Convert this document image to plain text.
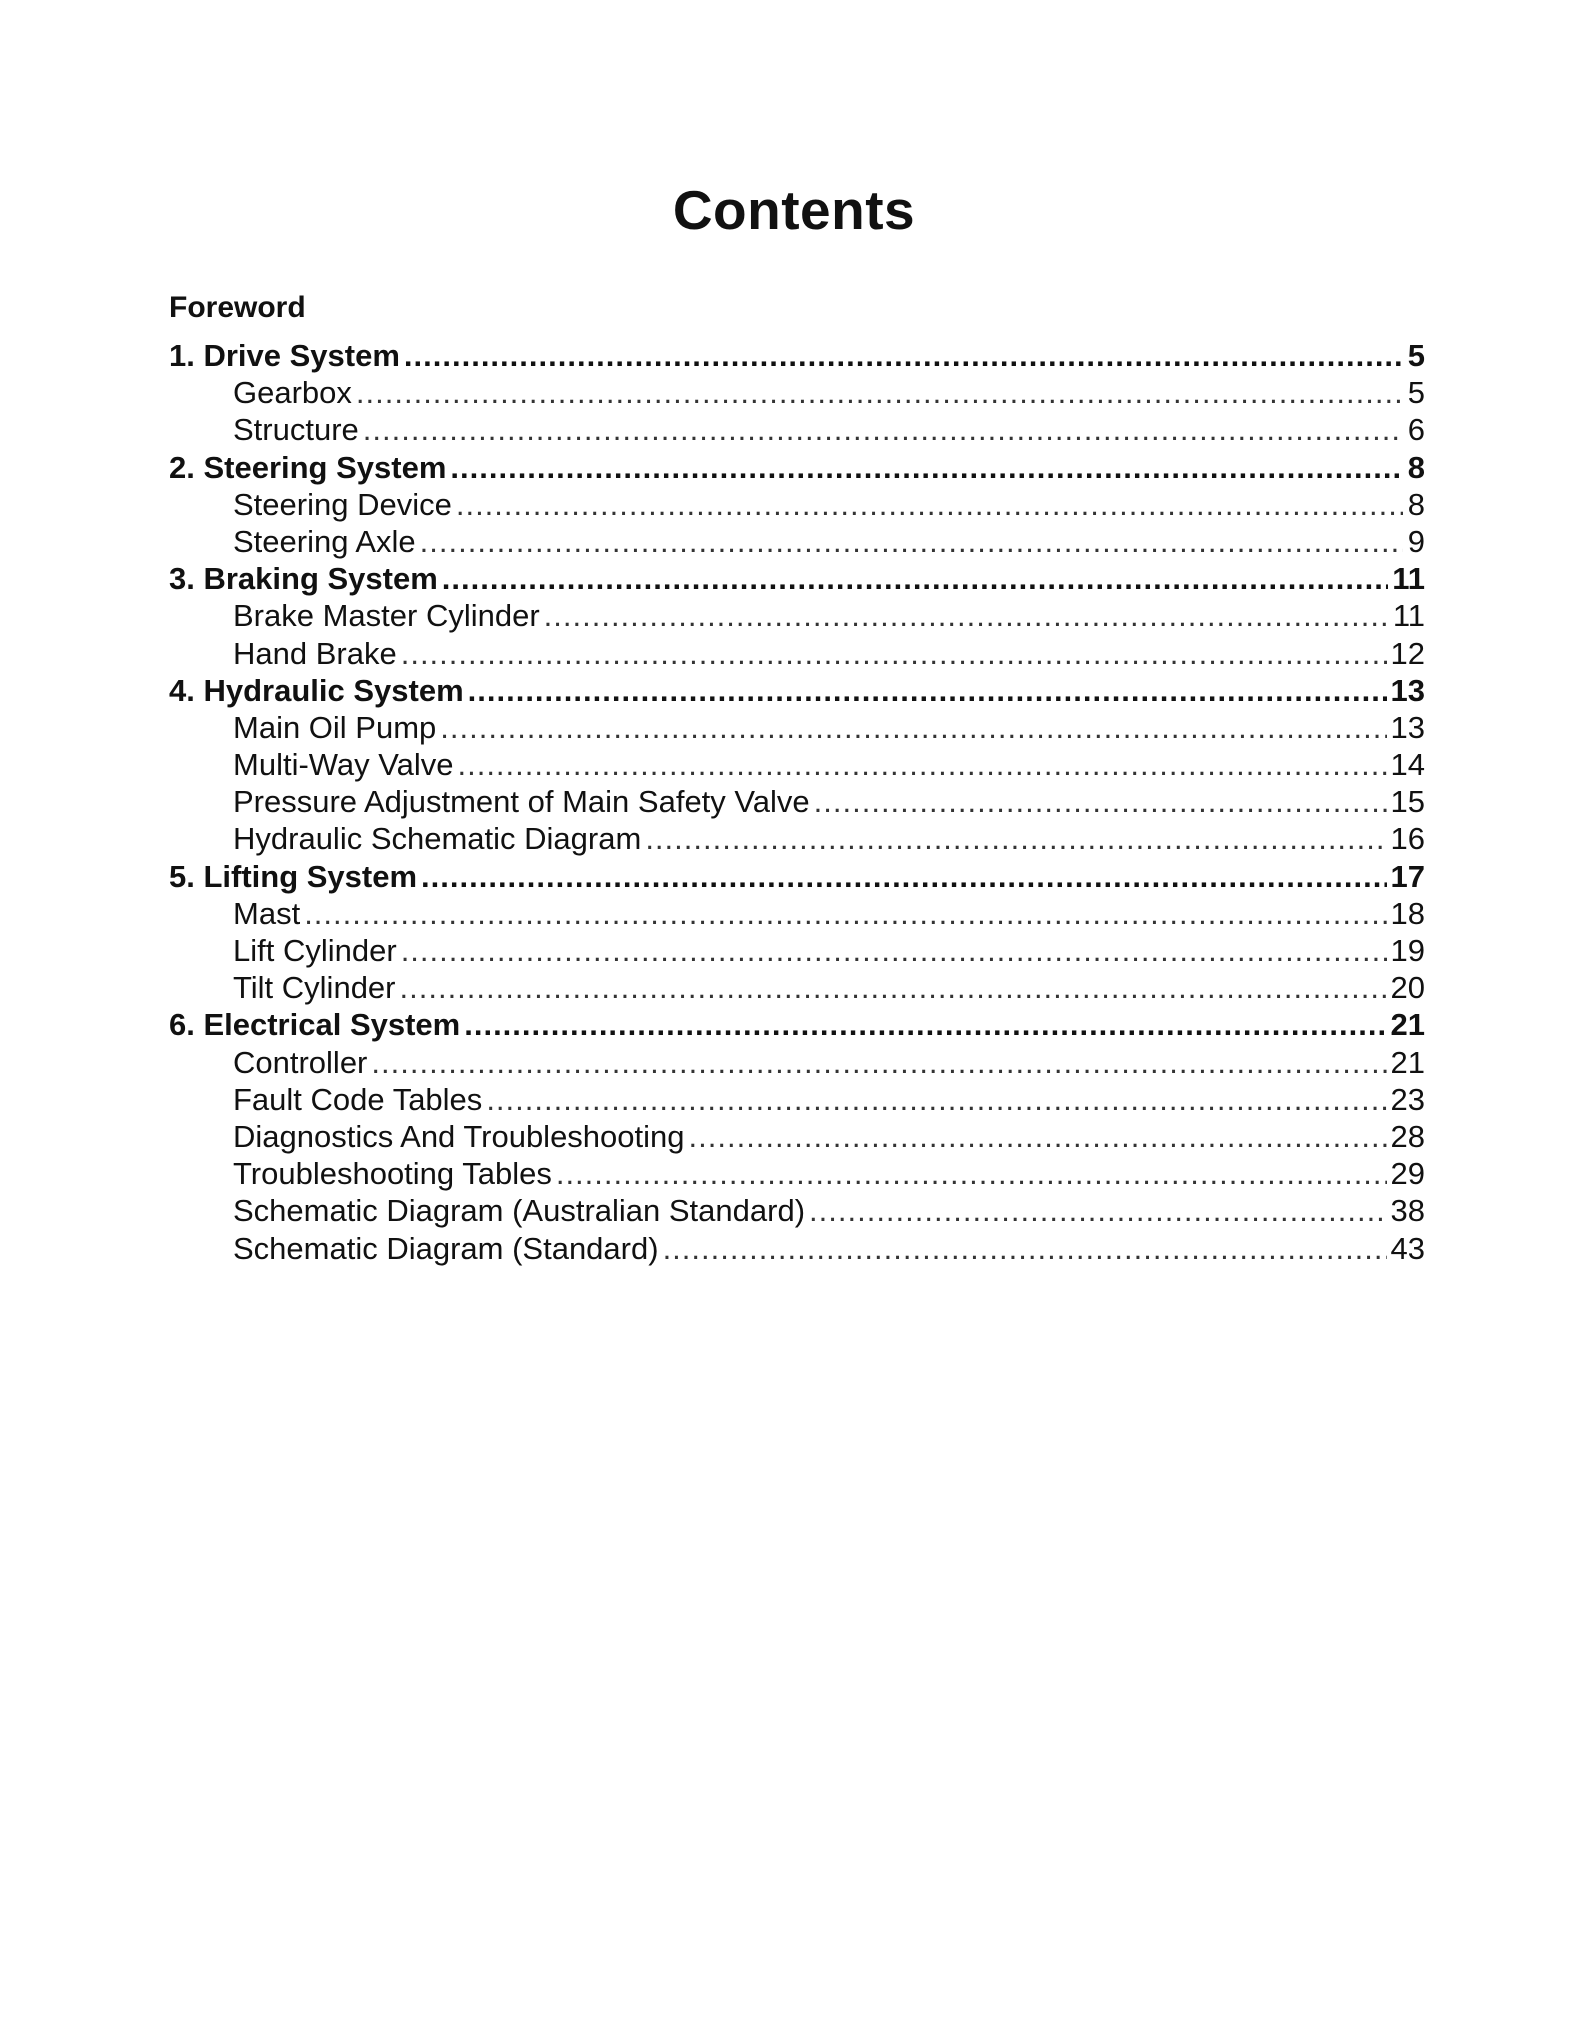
Contents
Foreword
1. Drive System .....	5
Gearbox .....	5
Structure .....	6
2. Steering System .....	8
Steering Device .....	8
Steering Axle .....	9
3. Braking System .....	11
Brake Master Cylinder .....	11
Hand Brake .....	12
4. Hydraulic System .....	13
Main Oil Pump .....	13
Multi-Way Valve .....	14
Pressure Adjustment of Main Safety Valve .....	15
Hydraulic Schematic Diagram .....	16
5. Lifting System .....	17
Mast .....	18
Lift Cylinder .....	19
Tilt Cylinder .....	20
6. Electrical System .....	21
Controller .....	21
Fault Code Tables .....	23
Diagnostics And Troubleshooting .....	28
Troubleshooting Tables .....	29
Schematic Diagram (Australian Standard) .....	38
Schematic Diagram (Standard) .....	43
